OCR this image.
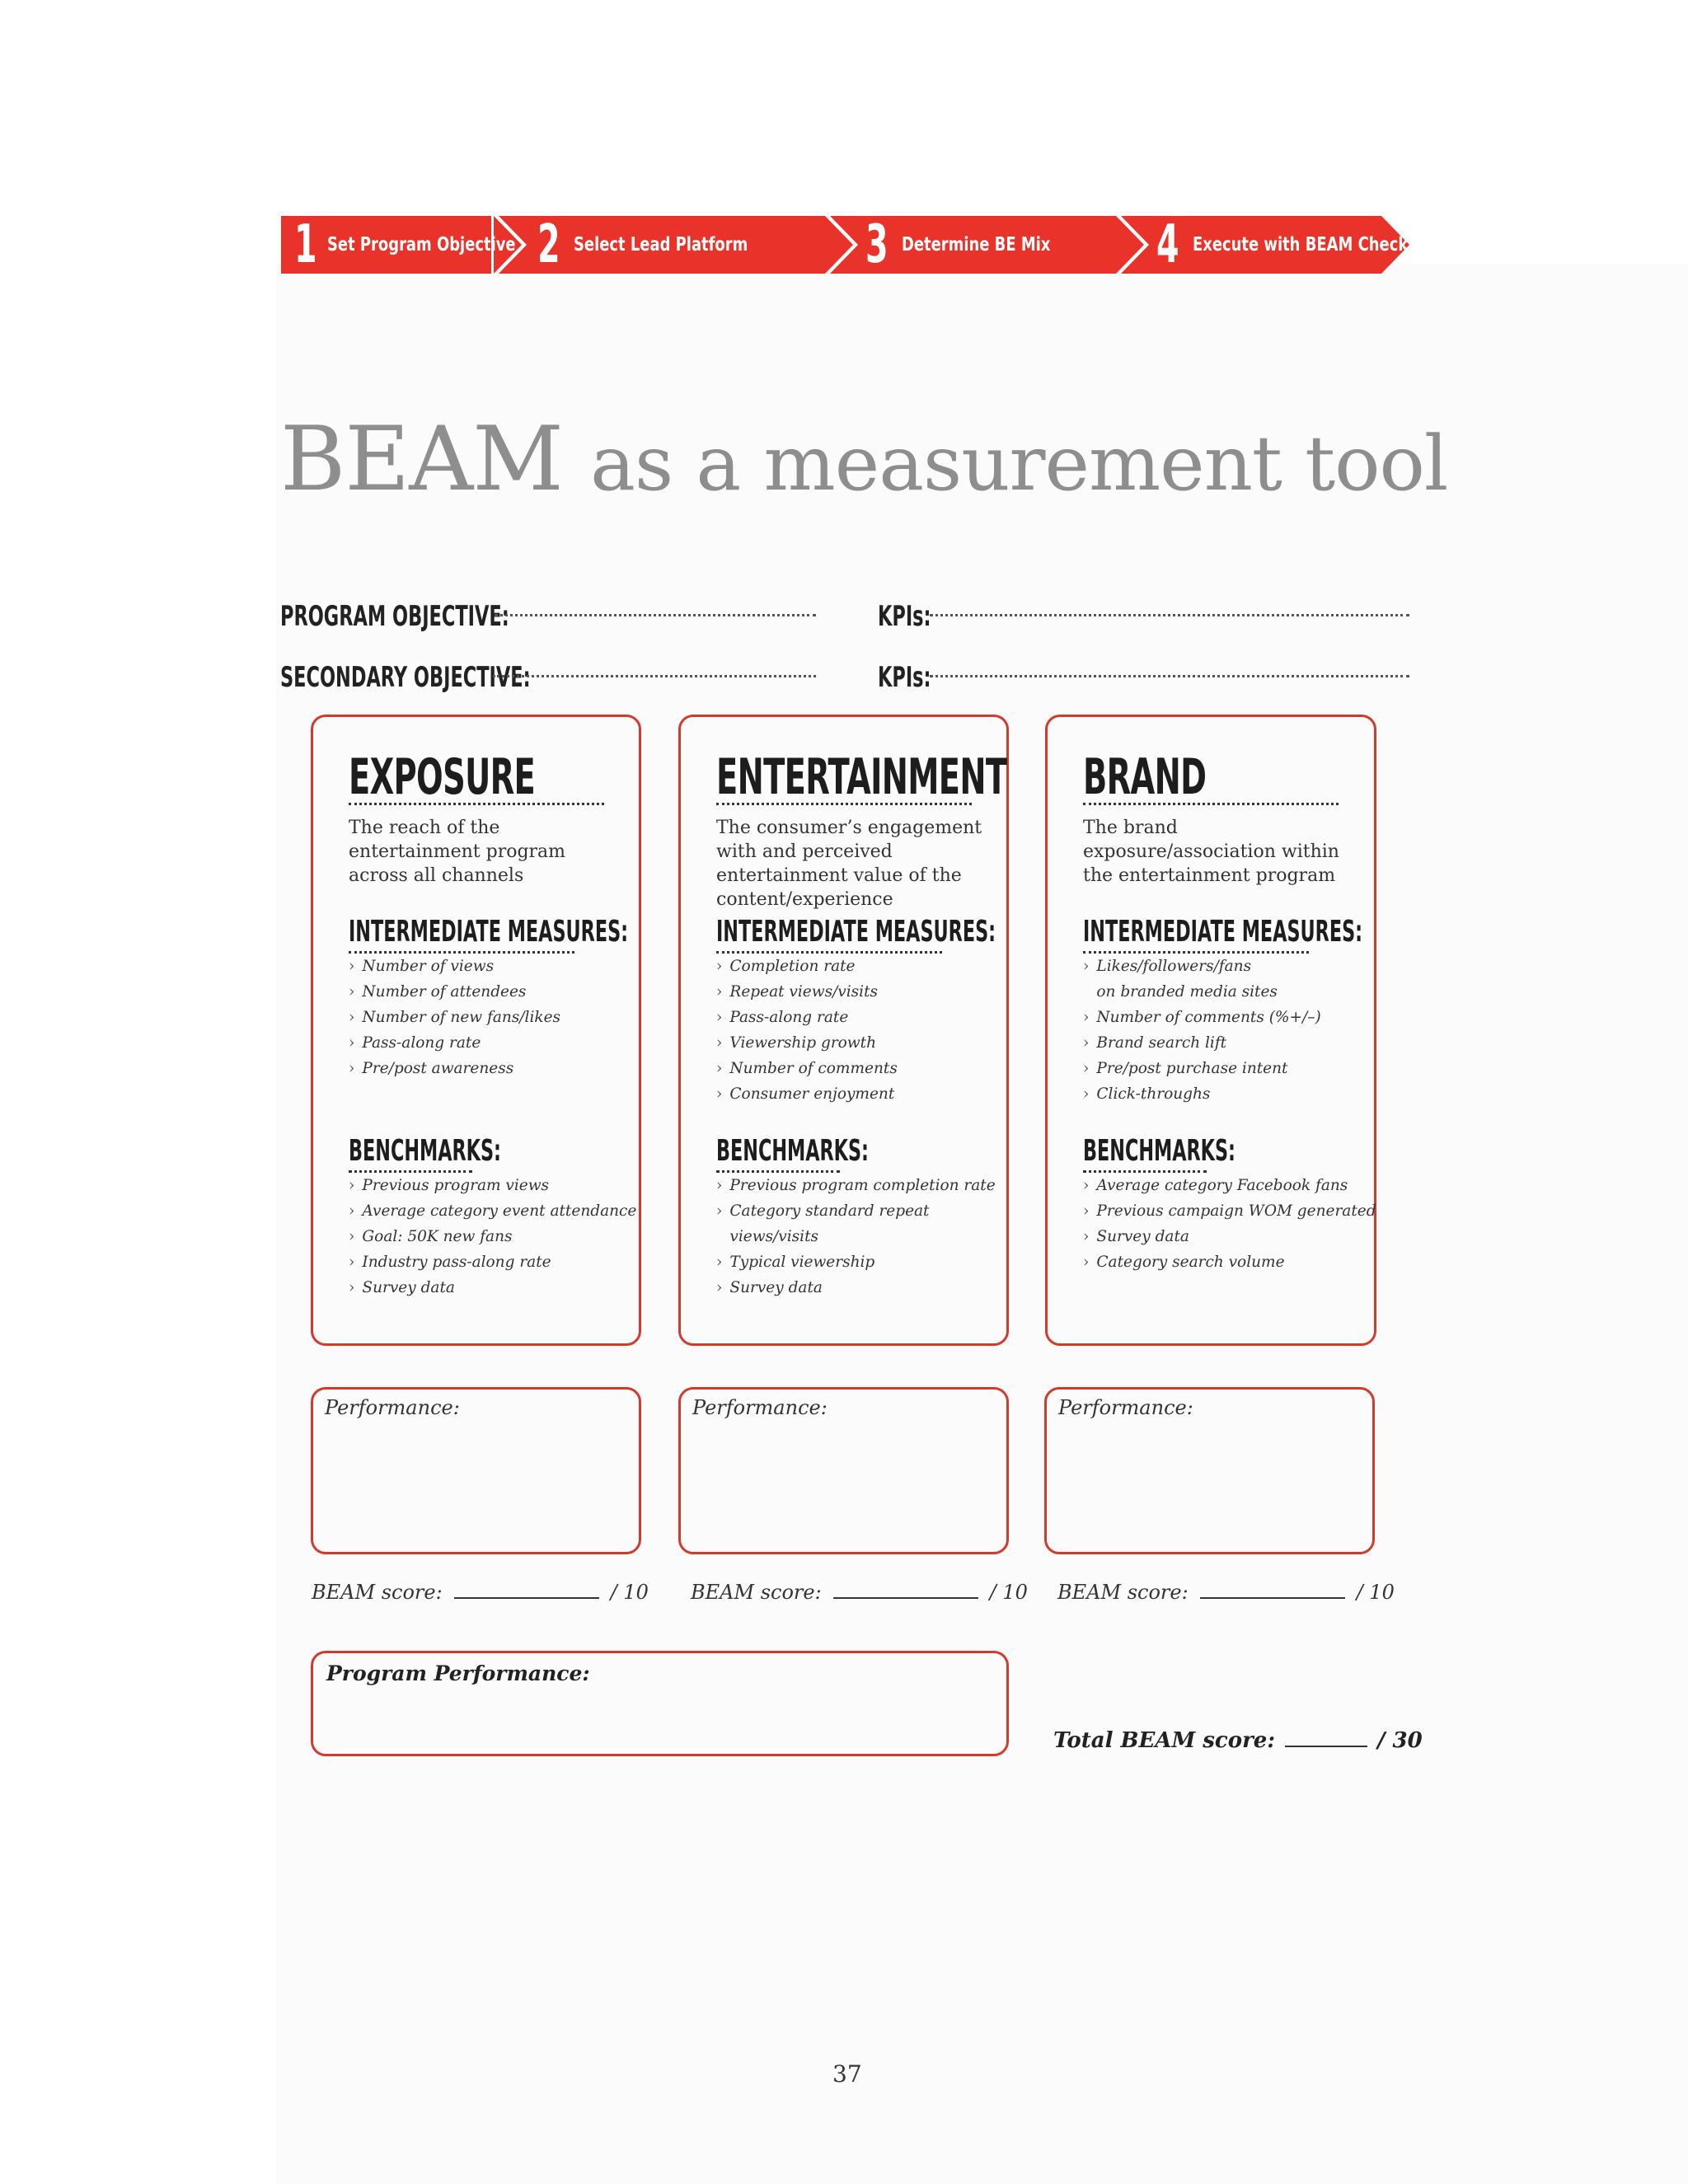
1 Set Program Objective 2 Select Lead Platform 3 Determine BE Mix 4 Execute with BEAM Checklist
BEAM as a measurement tool
PROGRAM OBJECTIVE:	KPIs:
SECONDARY OBJECTIVE:	KPIs:
EXPOSURE
The reach of the entertainment program across all channels
INTERMEDIATE MEASURES:
› Number of views
› Number of attendees
› Number of new fans/likes
› Pass-along rate
› Pre/post awareness
BENCHMARKS:
› Previous program views
› Average category event attendance
› Goal: 50K new fans
› Industry pass-along rate
› Survey data
ENTERTAINMENT
The consumer’s engagement with and perceived entertainment value of the content/experience
INTERMEDIATE MEASURES:
› Completion rate
› Repeat views/visits
› Pass-along rate
› Viewership growth
› Number of comments
› Consumer enjoyment
BENCHMARKS:
› Previous program completion rate
› Category standard repeat
views/visits
› Typical viewership
› Survey data
BRAND
The brand exposure/association within the entertainment program
INTERMEDIATE MEASURES:
› Likes/followers/fans
on branded media sites
› Number of comments (%+/–)
› Brand search lift
› Pre/post purchase intent
› Click-throughs
BENCHMARKS:
› Average category Facebook fans
› Previous campaign WOM generated
› Survey data
› Category search volume
Performance:	Performance:	Performance:
BEAM score:	/ 10 BEAM score:	/ 10 BEAM score:	/ 10
Program Performance:
Total BEAM score:	/ 30
37
